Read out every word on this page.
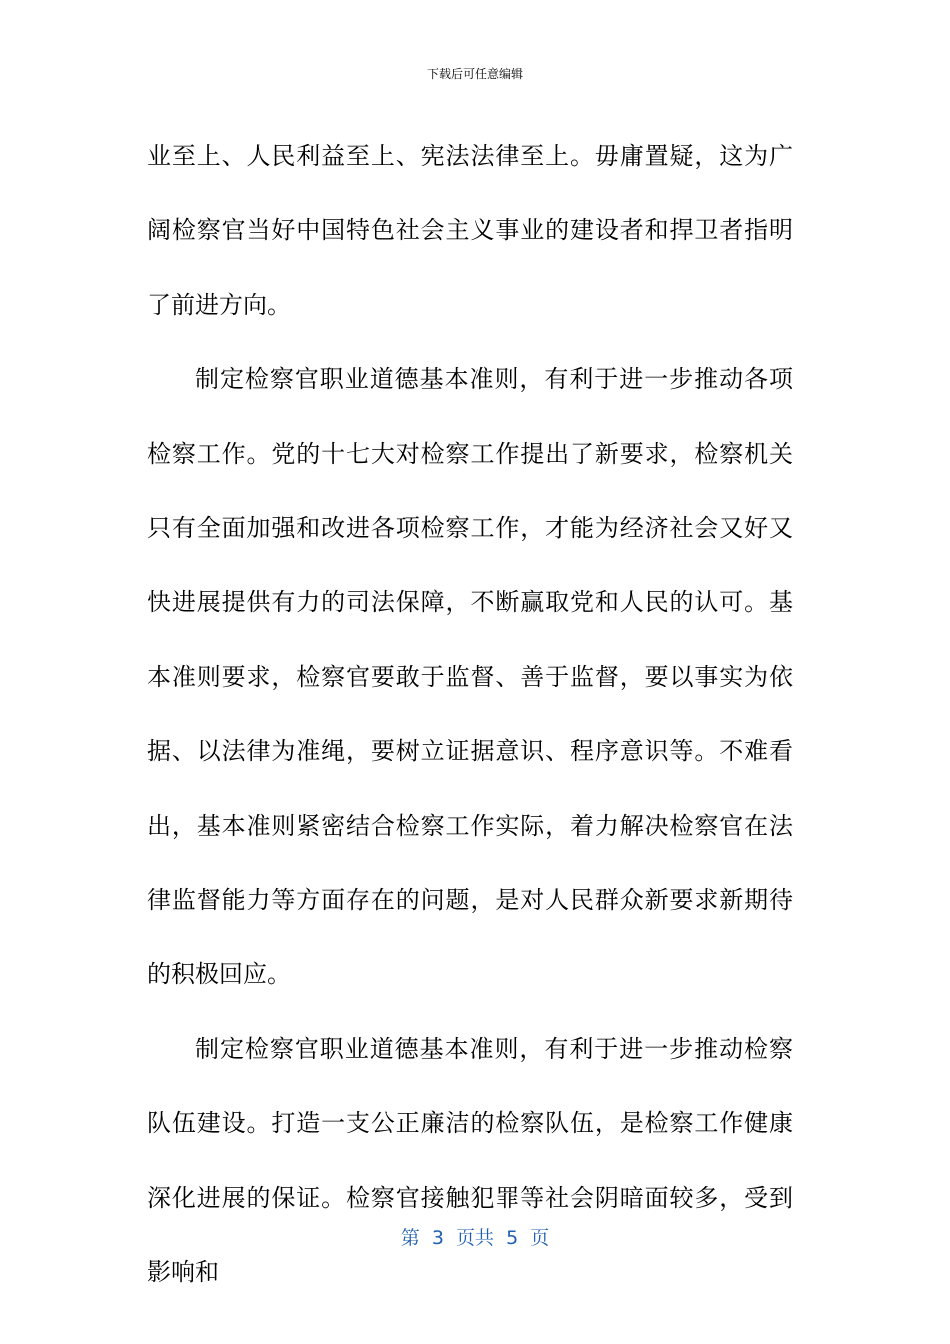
下载后可任意编辑

业至上、人民利益至上、宪法法律至上。毋庸置疑，这为广阔检察官当好中国特色社会主义事业的建设者和捍卫者指明了前进方向。

制定检察官职业道德基本准则，有利于进一步推动各项检察工作。党的十七大对检察工作提出了新要求，检察机关只有全面加强和改进各项检察工作，才能为经济社会又好又快进展提供有力的司法保障，不断赢取党和人民的认可。基本准则要求，检察官要敢于监督、善于监督，要以事实为依据、以法律为准绳，要树立证据意识、程序意识等。不难看出，基本准则紧密结合检察工作实际，着力解决检察官在法律监督能力等方面存在的问题，是对人民群众新要求新期待的积极回应。

制定检察官职业道德基本准则，有利于进一步推动检察队伍建设。打造一支公正廉洁的检察队伍，是检察工作健康深化进展的保证。检察官接触犯罪等社会阴暗面较多，受到影响和

第  3  页共  5  页
